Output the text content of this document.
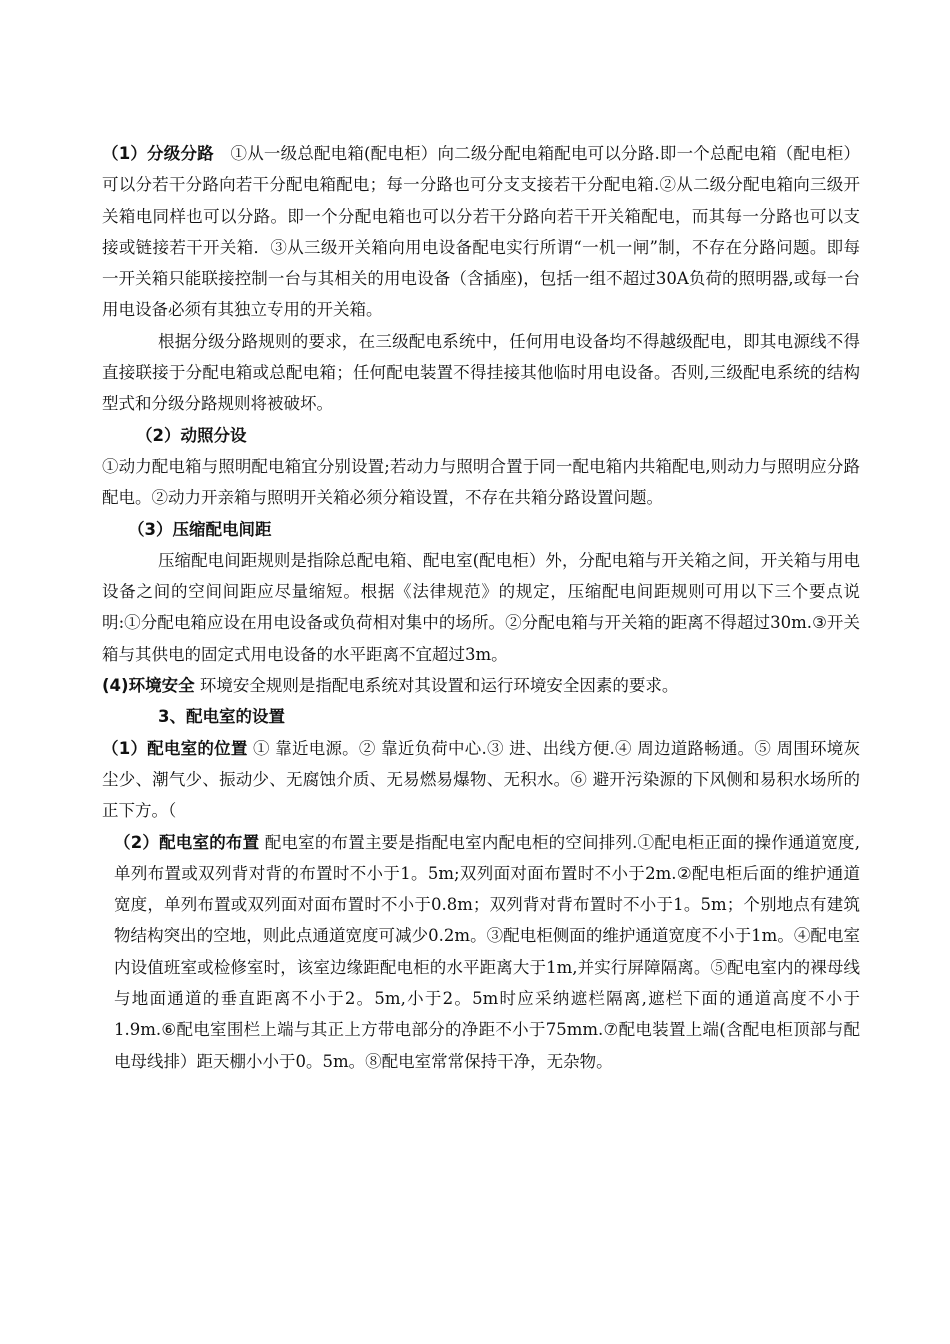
（1）分级分路　①从一级总配电箱(配电柜）向二级分配电箱配电可以分路.即一个总配电箱（配电柜）可以分若干分路向若干分配电箱配电；每一分路也可分支支接若干分配电箱.②从二级分配电箱向三级开关箱电同样也可以分路。即一个分配电箱也可以分若干分路向若干开关箱配电，而其每一分路也可以支接或链接若干开关箱．③从三级开关箱向用电设备配电实行所谓“一机一闸”制，不存在分路问题。即每一开关箱只能联接控制一台与其相关的用电设备（含插座)，包括一组不超过30A负荷的照明器,或每一台用电设备必须有其独立专用的开关箱。

根据分级分路规则的要求，在三级配电系统中，任何用电设备均不得越级配电，即其电源线不得直接联接于分配电箱或总配电箱；任何配电装置不得挂接其他临时用电设备。否则,三级配电系统的结构型式和分级分路规则将被破坏。

（2）动照分设

①动力配电箱与照明配电箱宜分别设置;若动力与照明合置于同一配电箱内共箱配电,则动力与照明应分路配电。②动力开亲箱与照明开关箱必须分箱设置，不存在共箱分路设置问题。

（3）压缩配电间距

压缩配电间距规则是指除总配电箱、配电室(配电柜）外，分配电箱与开关箱之间，开关箱与用电设备之间的空间间距应尽量缩短。根据《法律规范》的规定，压缩配电间距规则可用以下三个要点说明:①分配电箱应设在用电设备或负荷相对集中的场所。②分配电箱与开关箱的距离不得超过30m.③开关箱与其供电的固定式用电设备的水平距离不宜超过3m。

(4)环境安全 环境安全规则是指配电系统对其设置和运行环境安全因素的要求。

3、配电室的设置

（1）配电室的位置 ① 靠近电源。② 靠近负荷中心.③ 进、出线方便.④ 周边道路畅通。⑤ 周围环境灰尘少、潮气少、振动少、无腐蚀介质、无易燃易爆物、无积水。⑥ 避开污染源的下风侧和易积水场所的正下方。（

（2）配电室的布置 配电室的布置主要是指配电室内配电柜的空间排列.①配电柜正面的操作通道宽度,单列布置或双列背对背的布置时不小于1。5m;双列面对面布置时不小于2m.②配电柜后面的维护通道宽度，单列布置或双列面对面布置时不小于0.8m；双列背对背布置时不小于1。5m；个别地点有建筑物结构突出的空地，则此点通道宽度可减少0.2m。③配电柜侧面的维护通道宽度不小于1m。④配电室内设值班室或检修室时，该室边缘距配电柜的水平距离大于1m,并实行屏障隔离。⑤配电室内的裸母线与地面通道的垂直距离不小于2。5m,小于2。5m时应采纳遮栏隔离,遮栏下面的通道高度不小于1.9m.⑥配电室围栏上端与其正上方带电部分的净距不小于75mm.⑦配电装置上端(含配电柜顶部与配电母线排）距天棚小小于0。5m。⑧配电室常常保持干净，无杂物。
